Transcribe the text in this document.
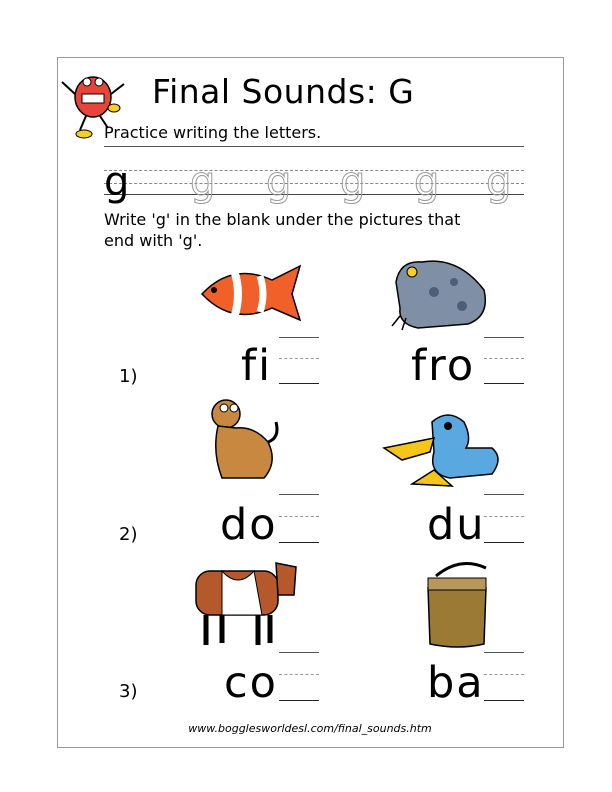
Final Sounds: G
Practice writing the letters.
g g g g g g
Write 'g' in the blank under the pictures that
end with 'g'.
1) fi	fro
2) do	du
3) co	ba
www.bogglesworldesl.com/final_sounds.htm
